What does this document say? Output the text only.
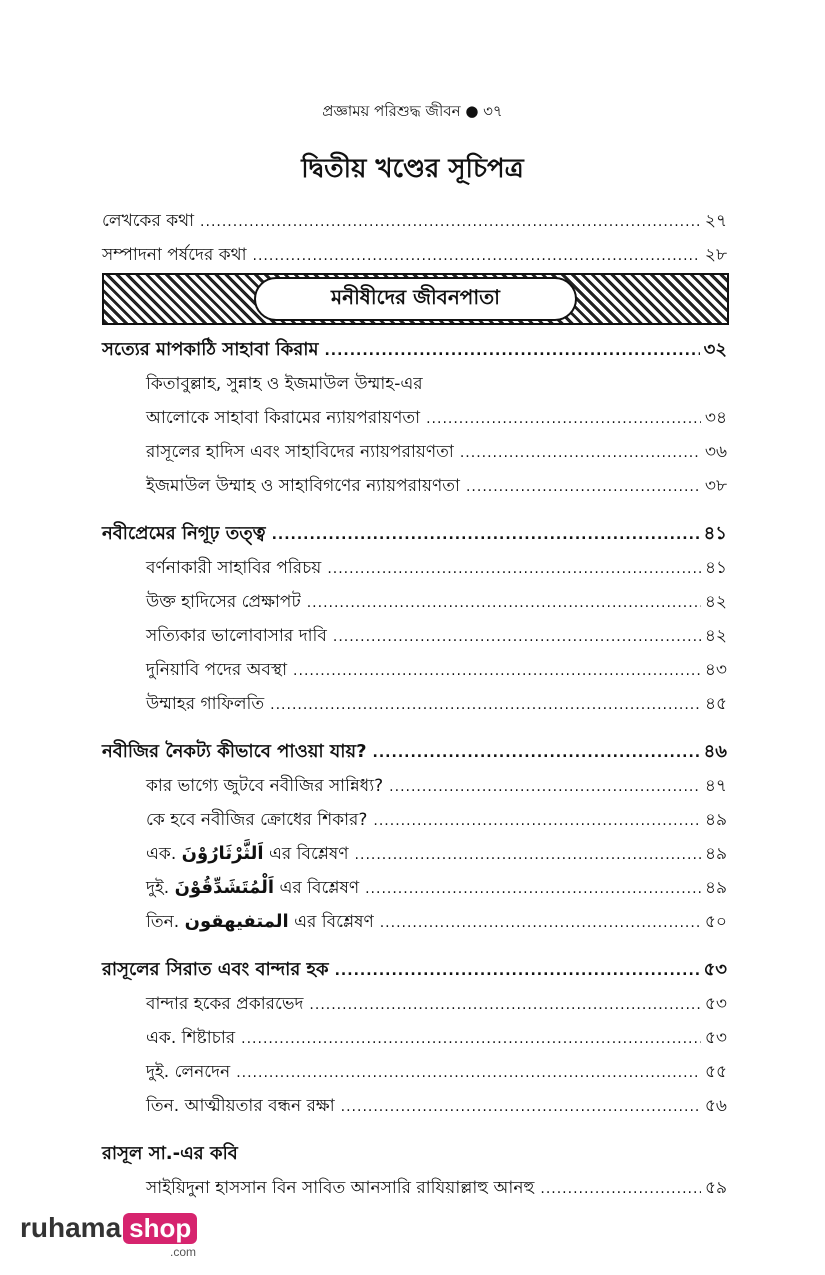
প্রজ্ঞাময় পরিশুদ্ধ জীবন ● ৩৭
দ্বিতীয় খণ্ডের সূচিপত্র
লেখকের কথা .....	২৭
সম্পাদনা পর্ষদের কথা .....	২৮
মনীষীদের জীবনপাতা
সত্যের মাপকাঠি সাহাবা কিরাম .....	৩২
কিতাবুল্লাহ, সুন্নাহ ও ইজমাউল উম্মাহ-এর
আলোকে সাহাবা কিরামের ন্যায়পরায়ণতা .....	৩৪
রাসূলের হাদিস এবং সাহাবিদের ন্যায়পরায়ণতা .....	৩৬
ইজমাউল উম্মাহ ও সাহাবিগণের ন্যায়পরায়ণতা .....	৩৮
নবীপ্রেমের নিগূঢ় তত্ত্ব .....	৪১
বর্ণনাকারী সাহাবির পরিচয় .....	৪১
উক্ত হাদিসের প্রেক্ষাপট .....	৪২
সত্যিকার ভালোবাসার দাবি .....	৪২
দুনিয়াবি পদের অবস্থা .....	৪৩
উম্মাহর গাফিলতি .....	৪৫
নবীজির নৈকট্য কীভাবে পাওয়া যায়? .....	৪৬
কার ভাগ্যে জুটবে নবীজির সান্নিধ্য? .....	৪৭
কে হবে নবীজির ক্রোধের শিকার? .....	৪৯
এক. اَلثَّرْثَارُوْنَ এর বিশ্লেষণ .....	৪৯
দুই. اَلْمُتَشَدِّقُوْنَ এর বিশ্লেষণ .....	৪৯
তিন. المتفيهقون এর বিশ্লেষণ .....	৫০
রাসূলের সিরাত এবং বান্দার হক .....	৫৩
বান্দার হকের প্রকারভেদ .....	৫৩
এক. শিষ্টাচার .....	৫৩
দুই. লেনদেন .....	৫৫
তিন. আত্মীয়তার বন্ধন রক্ষা .....	৫৬
রাসূল সা.-এর কবি
সাইয়িদুনা হাসসান বিন সাবিত আনসারি রাযিয়াল্লাহু আনহু .....	৫৯
ruhama shop
.com
